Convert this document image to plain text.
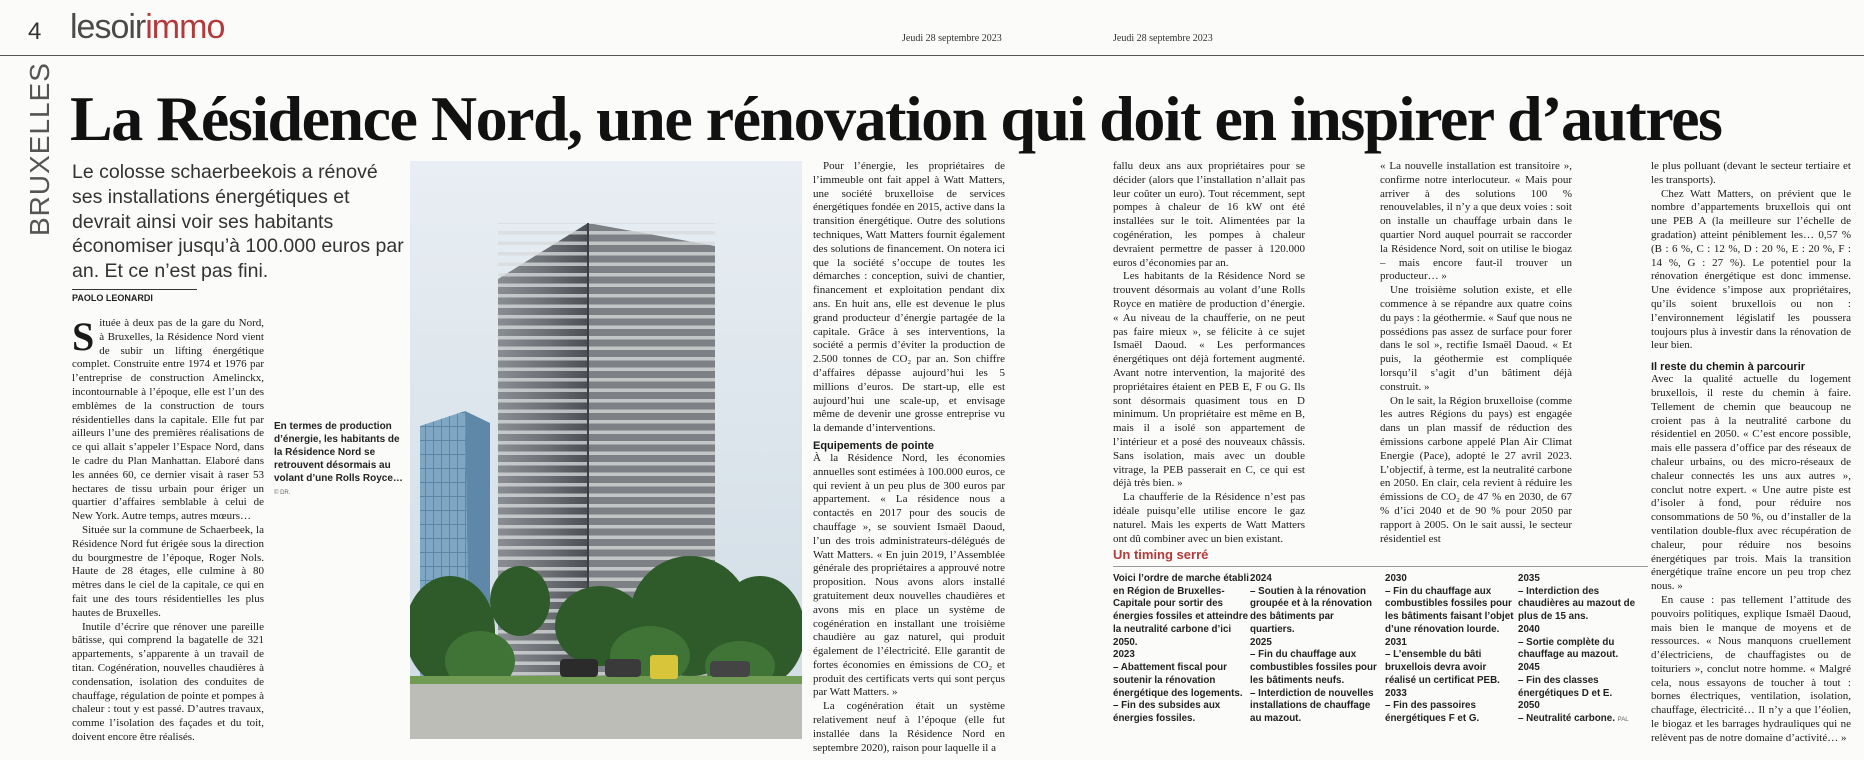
4 lesoirimmo	Jeudi 28 septembre 2023	Jeudi 28 septembre 2023
BRUXELLES La Résidence Nord, une rénovation qui doit en inspirer d’autres
Le colosse schaerbeekois a rénové ses installations énergétiques et devrait ainsi voir ses habitants économiser jusqu’à 100.000 euros par an. Et ce n’est pas fini.
PAOLO LEONARDI

Située à deux pas de la gare du Nord, à Bruxelles, la Résidence Nord vient de subir un lifting énergétique complet. Construite entre 1974 et 1976 par l’entreprise de construction Amelinckx, incontournable à l’époque, elle est l’un des emblèmes de la construction de tours résidentielles dans la capitale. Elle fut par ailleurs l’une des premières réalisations de ce qui allait s’appeler l’Espace Nord, dans le cadre du Plan Manhattan. Elaboré dans les années 60, ce dernier visait à raser 53 hectares de tissu urbain pour ériger un quartier d’affaires semblable à celui de New York. Autre temps, autres mœurs…

Située sur la commune de Schaerbeek, la Résidence Nord fut érigée sous la direction du bourgmestre de l’époque, Roger Nols. Haute de 28 étages, elle culmine à 80 mètres dans le ciel de la capitale, ce qui en fait une des tours résidentielles les plus hautes de Bruxelles.

Inutile d’écrire que rénover une pareille bâtisse, qui comprend la bagatelle de 321 appartements, s’apparente à un travail de titan. Cogénération, nouvelles chaudières à condensation, isolation des conduites de chauffage, régulation de pointe et pompes à chaleur : tout y est passé. D’autres travaux, comme l’isolation des façades et du toit, doivent encore être réalisés.

En termes de production d’énergie, les habitants de la Résidence Nord se retrouvent désormais au volant d’une Rolls Royce… © DR.

Pour l’énergie, les propriétaires de l’immeuble ont fait appel à Watt Matters, une société bruxelloise de services énergétiques fondée en 2015, active dans la transition énergétique. Outre des solutions techniques, Watt Matters fournit également des solutions de financement. On notera ici que la société s’occupe de toutes les démarches : conception, suivi de chantier, financement et exploitation pendant dix ans. En huit ans, elle est devenue le plus grand producteur d’énergie partagée de la capitale. Grâce à ses interventions, la société a permis d’éviter la production de 2.500 tonnes de CO₂ par an. Son chiffre d’affaires dépasse aujourd’hui les 5 millions d’euros. De start-up, elle est aujourd’hui une scale-up, et envisage même de devenir une grosse entreprise vu la demande d’interventions.

Equipements de pointe

À la Résidence Nord, les économies annuelles sont estimées à 100.000 euros, ce qui revient à un peu plus de 300 euros par appartement. « La résidence nous a contactés en 2017 pour des soucis de chauffage », se souvient Ismaël Daoud, l’un des trois administrateurs-délégués de Watt Matters. « En juin 2019, l’Assemblée générale des propriétaires a approuvé notre proposition. Nous avons alors installé gratuitement deux nouvelles chaudières et avons mis en place un système de cogénération en installant une troisième chaudière au gaz naturel, qui produit également de l’électricité. Elle garantit de fortes économies en émissions de CO₂ et produit des certificats verts qui sont perçus par Watt Matters. »

La cogénération était un système relativement neuf à l’époque (elle fut installée dans la Résidence Nord en septembre 2020), raison pour laquelle il a

fallu deux ans aux propriétaires pour se décider (alors que l’installation n’allait pas leur coûter un euro). Tout récemment, sept pompes à chaleur de 16 kW ont été installées sur le toit. Alimentées par la cogénération, les pompes à chaleur devraient permettre de passer à 120.000 euros d’économies par an.

Les habitants de la Résidence Nord se trouvent désormais au volant d’une Rolls Royce en matière de production d’énergie. « Au niveau de la chaufferie, on ne peut pas faire mieux », se félicite à ce sujet Ismaël Daoud. « Les performances énergétiques ont déjà fortement augmenté. Avant notre intervention, la majorité des propriétaires étaient en PEB E, F ou G. Ils sont désormais quasiment tous en D minimum. Un propriétaire est même en B, mais il a isolé son appartement de l’intérieur et a posé des nouveaux châssis. Sans isolation, mais avec un double vitrage, la PEB passerait en C, ce qui est déjà très bien. »

La chaufferie de la Résidence n’est pas idéale puisqu’elle utilise encore le gaz naturel. Mais les experts de Watt Matters ont dû combiner avec un bien existant.

« La nouvelle installation est transitoire », confirme notre interlocuteur. « Mais pour arriver à des solutions 100 % renouvelables, il n’y a que deux voies : soit on installe un chauffage urbain dans le quartier Nord auquel pourrait se raccorder la Résidence Nord, soit on utilise le biogaz – mais encore faut-il trouver un producteur… »

Une troisième solution existe, et elle commence à se répandre aux quatre coins du pays : la géothermie. « Sauf que nous ne possédions pas assez de surface pour forer dans le sol », rectifie Ismaël Daoud. « Et puis, la géothermie est compliquée lorsqu’il s’agit d’un bâtiment déjà construit. »

On le sait, la Région bruxelloise (comme les autres Régions du pays) est engagée dans un plan massif de réduction des émissions carbone appelé Plan Air Climat Energie (Pace), adopté le 27 avril 2023. L’objectif, à terme, est la neutralité carbone en 2050. En clair, cela revient à réduire les émissions de CO₂ de 47 % en 2030, de 67 % d’ici 2040 et de 90 % pour 2050 par rapport à 2005. On le sait aussi, le secteur résidentiel est

le plus polluant (devant le secteur tertiaire et les transports).

Chez Watt Matters, on prévient que le nombre d’appartements bruxellois qui ont une PEB A (la meilleure sur l’échelle de gradation) atteint péniblement les… 0,57 % (B : 6 %, C : 12 %, D : 20 %, E : 20 %, F : 14 %, G : 27 %). Le potentiel pour la rénovation énergétique est donc immense. Une évidence s’impose aux propriétaires, qu’ils soient bruxellois ou non : l’environnement législatif les poussera toujours plus à investir dans la rénovation de leur bien.

Il reste du chemin à parcourir

Avec la qualité actuelle du logement bruxellois, il reste du chemin à faire. Tellement de chemin que beaucoup ne croient pas à la neutralité carbone du résidentiel en 2050. « C’est encore possible, mais elle passera d’office par des réseaux de chaleur urbains, ou des micro-réseaux de chaleur connectés les uns aux autres », conclut notre expert. « Une autre piste est d’isoler à fond, pour réduire nos consommations de 50 %, ou d’installer de la ventilation double-flux avec récupération de chaleur, pour réduire nos besoins énergétiques par trois. Mais la transition énergétique traîne encore un peu trop chez nous. »

En cause : pas tellement l’attitude des pouvoirs politiques, explique Ismaël Daoud, mais bien le manque de moyens et de ressources. « Nous manquons cruellement d’électriciens, de chauffagistes ou de toituriers », conclut notre homme. « Malgré cela, nous essayons de toucher à tout : bornes électriques, ventilation, isolation, chauffage, électricité… Il n’y a que l’éolien, le biogaz et les barrages hydrauliques qui ne relèvent pas de notre domaine d’activité… »

Un timing serré
Voici l’ordre de marche établi en Région de Bruxelles-Capitale pour sortir des énergies fossiles et atteindre la neutralité carbone d’ici 2050.
2023
– Abattement fiscal pour soutenir la rénovation énergétique des logements.
– Fin des subsides aux énergies fossiles.
2024
– Soutien à la rénovation groupée et à la rénovation des bâtiments par quartiers.
2025
– Fin du chauffage aux combustibles fossiles pour les bâtiments neufs.
– Interdiction de nouvelles installations de chauffage au mazout.
2030
– Fin du chauffage aux combustibles fossiles pour les bâtiments faisant l’objet d’une rénovation lourde.
2031
– L’ensemble du bâti bruxellois devra avoir réalisé un certificat PEB.
2033
– Fin des passoires énergétiques F et G.
2035
– Interdiction des chaudières au mazout de plus de 15 ans.
2040
– Sortie complète du chauffage au mazout.
2045
– Fin des classes énergétiques D et E.
2050
– Neutralité carbone. PAL
